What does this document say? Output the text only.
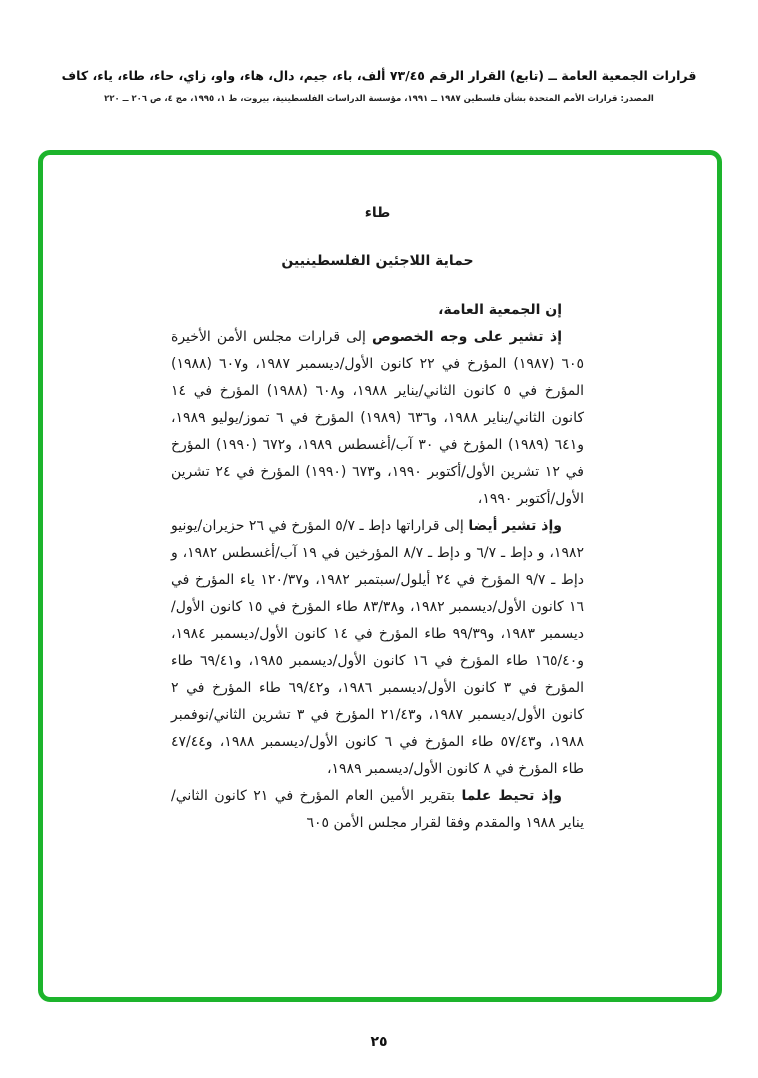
قرارات الجمعية العامة ــ (تابع) القرار الرقم ٧٣/٤٥ ألف، باء، جيم، دال، هاء، واو، زاي، حاء، طاء، ياء، كاف
المصدر: قرارات الأمم المتحدة بشأن فلسطين ١٩٨٧ ــ ١٩٩١، مؤسسة الدراسات الفلسطينية، بيروت، ط ١، ١٩٩٥، مج ٤، ص ٢٠٦ ــ ٢٢٠
طاء
حماية اللاجئين الفلسطينيين
إن الجمعية العامة،

إذ تشير على وجه الخصوص إلى قرارات مجلس الأمن الأخيرة ٦٠٥ (١٩٨٧) المؤرخ في ٢٢ كانون الأول/ديسمبر ١٩٨٧، و٦٠٧ (١٩٨٨) المؤرخ في ٥ كانون الثاني/يناير ١٩٨٨، و٦٠٨ (١٩٨٨) المؤرخ في ١٤ كانون الثاني/يناير ١٩٨٨، و٦٣٦ (١٩٨٩) المؤرخ في ٦ تموز/يوليو ١٩٨٩، و٦٤١ (١٩٨٩) المؤرخ في ٣٠ آب/أغسطس ١٩٨٩، و٦٧٢ (١٩٩٠) المؤرخ في ١٢ تشرين الأول/أكتوبر ١٩٩٠، و٦٧٣ (١٩٩٠) المؤرخ في ٢٤ تشرين الأول/أكتوبر ١٩٩٠،

وإذ تشير أيضا إلى قراراتها دإط ـ ٥/٧ المؤرخ في ٢٦ حزيران/يونيو ١٩٨٢، و دإط ـ ٦/٧ و دإط ـ ٨/٧ المؤرخين في ١٩ آب/أغسطس ١٩٨٢، و دإط ـ ٩/٧ المؤرخ في ٢٤ أيلول/سبتمبر ١٩٨٢، و١٢٠/٣٧ ياء المؤرخ في ١٦ كانون الأول/ديسمبر ١٩٨٢، و٨٣/٣٨ طاء المؤرخ في ١٥ كانون الأول/ديسمبر ١٩٨٣، و٩٩/٣٩ طاء المؤرخ في ١٤ كانون الأول/ديسمبر ١٩٨٤، و١٦٥/٤٠ طاء المؤرخ في ١٦ كانون الأول/ديسمبر ١٩٨٥، و٦٩/٤١ طاء المؤرخ في ٣ كانون الأول/ديسمبر ١٩٨٦، و٦٩/٤٢ طاء المؤرخ في ٢ كانون الأول/ديسمبر ١٩٨٧، و٢١/٤٣ المؤرخ في ٣ تشرين الثاني/نوفمبر ١٩٨٨، و٥٧/٤٣ طاء المؤرخ في ٦ كانون الأول/ديسمبر ١٩٨٨، و٤٧/٤٤ طاء المؤرخ في ٨ كانون الأول/ديسمبر ١٩٨٩،

وإذ تحيط علما بتقرير الأمين العام المؤرخ في ٢١ كانون الثاني/يناير ١٩٨٨ والمقدم وفقا لقرار مجلس الأمن ٦٠٥

٢٥
